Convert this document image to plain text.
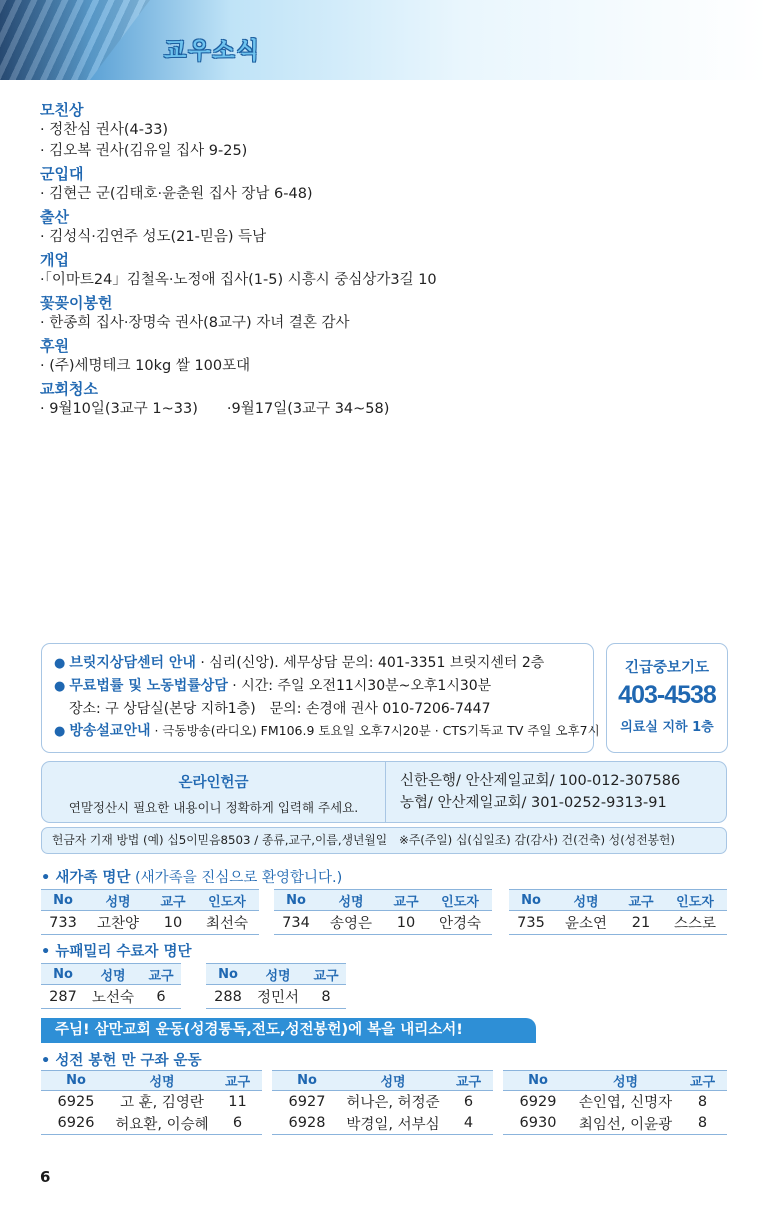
교우소식
모친상

· 정찬심 권사(4-33)

· 김오복 권사(김유일 집사 9-25)

군입대

· 김현근 군(김태호·윤춘원 집사 장남 6-48)

출산

· 김성식·김연주 성도(21-믿음) 득남

개업

·「이마트24」김철옥·노정애 집사(1-5) 시흥시 중심상가3길 10

꽃꽂이봉헌

· 한종희 집사·장명숙 권사(8교구) 자녀 결혼 감사

후원

· (주)세명테크 10kg 쌀 100포대

교회청소

· 9월10일(3교구 1~33)　　·9월17일(3교구 34~58)

● 브릿지상담센터 안내 · 심리(신앙). 세무상담 문의: 401-3351 브릿지센터 2층
● 무료법률 및 노동법률상담 · 시간: 주일 오전11시30분~오후1시30분
장소: 구 상담실(본당 지하1층)　문의: 손경애 권사 010-7206-7447
● 방송설교안내 · 극동방송(라디오) FM106.9 토요일 오후7시20분 · CTS기독교 TV 주일 오후7시
긴급중보기도
403-4538
의료실 지하 1층
온라인헌금
연말정산시 필요한 내용이니 정확하게 입력해 주세요.
신한은행/ 안산제일교회/ 100-012-307586
농협/ 안산제일교회/ 301-0252-9313-91
헌금자 기재 방법 (예) 십5이믿음8503 / 종류,교구,이름,생년월일　※주(주일) 십(십일조) 감(감사) 건(건축) 성(성전봉헌)
• 새가족 명단 (새가족을 진심으로 환영합니다.)
No	성명	교구	인도자
733	고찬양	10	최선숙
No	성명	교구	인도자
734	송영은	10	안경숙
No	성명	교구	인도자
735	윤소연	21	스스로
• 뉴패밀리 수료자 명단
No	성명	교구
287	노선숙	6
No	성명	교구
288	정민서	8
주님! 삼만교회 운동(성경통독,전도,성전봉헌)에 복을 내리소서!
• 성전 봉헌 만 구좌 운동
No	성명	교구
6925	고 훈, 김영란	11
6926	허요환, 이승혜	6
No	성명	교구
6927	허나은, 허정준	6
6928	박경일, 서부심	4
No	성명	교구
6929	손인엽, 신명자	8
6930	최임선, 이윤광	8
6
